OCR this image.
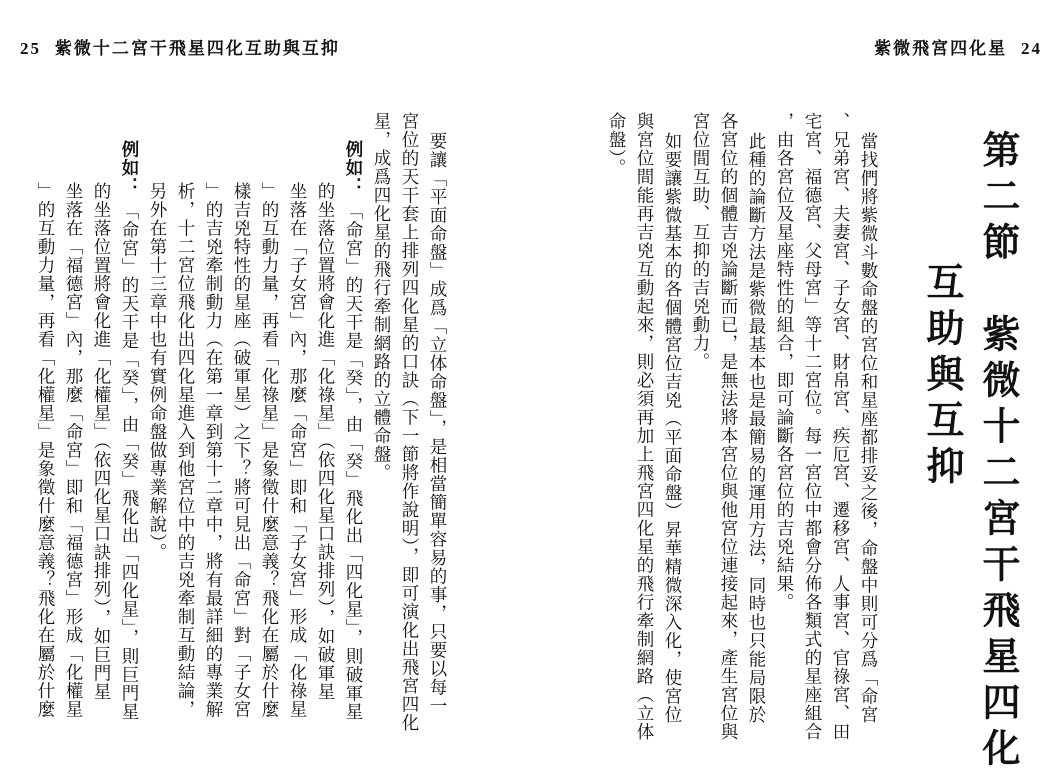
25 紫微十二宮干飛星四化互助與互抑	紫微飛宮四化星 24
第二節　紫微十二宮干飛星四化
互助與互抑
當找們將紫微斗數命盤的宮位和星座都排妥之後，命盤中則可分爲「命宮
、兄弟宮、夫妻宮、子女宮、財帛宮、疾厄宮、遷移宮、人事宮、官祿宮、田
宅宮、福德宮、父母宮」等十二宮位。每一宮位中都會分佈各類式的星座組合
，由各宮位及星座特性的組合，即可論斷各宮位的吉兇結果。
此種的論斷方法是紫微最基本也是最簡易的運用方法，同時也只能局限於
各宮位的個體吉兇論斷而已，是無法將本宮位與他宮位連接起來，產生宮位與
宮位間互助、互抑的吉兇動力。
如要讓紫微基本的各個體宮位吉兇（平面命盤）昇華精微深入化，使宮位
與宮位間能再吉兇互動起來，則必須再加上飛宮四化星的飛行牽制網路（立体
命盤）。
要讓「平面命盤」成爲「立体命盤」，是相當簡單容易的事，只要以每一
宮位的天干套上排列四化星的口訣（下一節將作說明），即可演化出飛宮四化
星，成爲四化星的飛行牽制網路的立體命盤。
例如：
「命宮」的天干是「癸」，由「癸」飛化出「四化星」，則破軍星
的坐落位置將會化進「化祿星」（依四化星口訣排列），如破軍星
坐落在「子女宮」內，那麼「命宮」即和「子女宮」形成「化祿星
」的互動力量，再看「化祿星」是象徵什麼意義？飛化在屬於什麼
樣吉兇特性的星座（破軍星）之下？將可見出「命宮」對「子女宮
」的吉兇牽制動力（在第一章到第十二章中，將有最詳細的專業解
析，十二宮位飛化出四化星進入到他宮位中的吉兇牽制互動結論，
另外在第十三章中也有實例命盤做專業解說）。
例如：
「命宮」的天干是「癸」，由「癸」飛化出「四化星」，則巨門星
的坐落位置將會化進「化權星」（依四化星口訣排列），如巨門星
坐落在「福德宮」內，那麼「命宮」即和「福德宮」形成「化權星
」的互動力量，再看「化權星」是象徵什麼意義？飛化在屬於什麼
